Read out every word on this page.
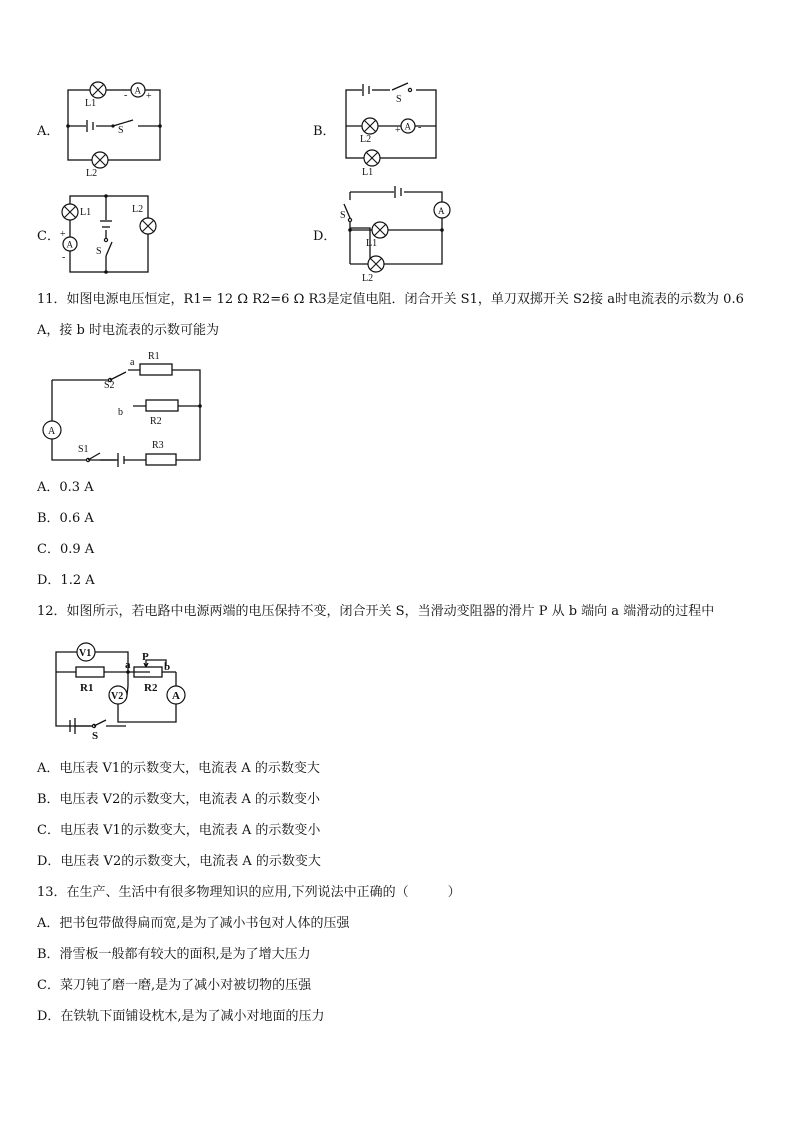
A．
L1
A
- +
S
L2
B．
S
L2
A
+ -
L1
C．
L1
A
+
-
S
L2
D．
S	A
L1
L2
11．如图电源电压恒定，R1= 12 Ω R2=6 Ω R3是定值电阻．闭合开关 S1，单刀双掷开关 S2接 a时电流表的示数为 0.6
A，接 b 时电流表的示数可能为
A
S2
a
R1
b
R2
S1	R3
A．0.3 A
B．0.6 A
C．0.9 A
D．1.2 A
12．如图所示，若电路中电源两端的电压保持不变，闭合开关 S，当滑动变阻器的滑片 P 从 b 端向 a 端滑动的过程中
V1
R1
a
P
b
R2
A
V2
S
A．电压表 V1的示数变大，电流表 A 的示数变大
B．电压表 V2的示数变大，电流表 A 的示数变小
C．电压表 V1的示数变大，电流表 A 的示数变小
D．电压表 V2的示数变大，电流表 A 的示数变大
13．在生产、生活中有很多物理知识的应用,下列说法中正确的（　　　）
A．把书包带做得扁而宽,是为了减小书包对人体的压强
B．滑雪板一般都有较大的面积,是为了增大压力
C．菜刀钝了磨一磨,是为了减小对被切物的压强
D．在铁轨下面铺设枕木,是为了减小对地面的压力
